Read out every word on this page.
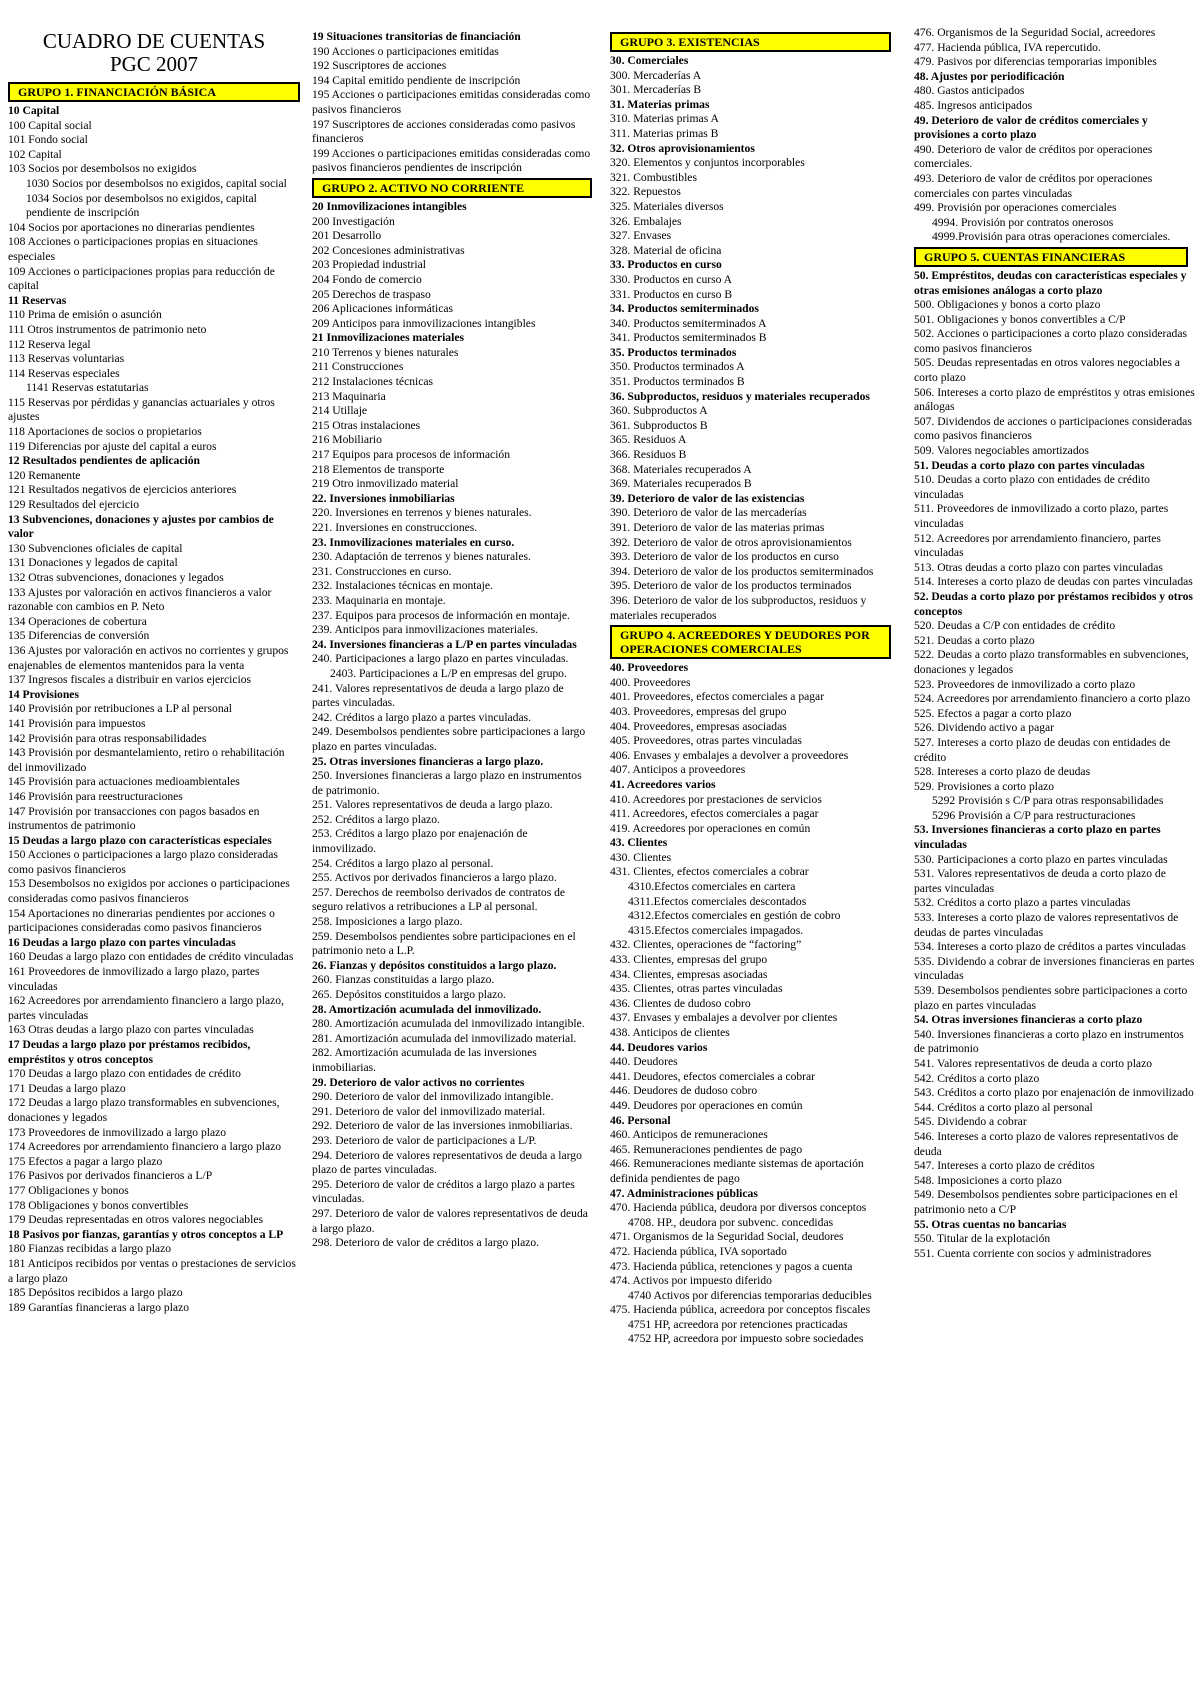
CUADRO DE CUENTAS
PGC 2007
GRUPO 1. FINANCIACIÓN BÁSICA
10 Capital
100 Capital social
101 Fondo social
102 Capital
103 Socios por desembolsos no exigidos
1030 Socios por desembolsos no exigidos, capital social
1034 Socios por desembolsos no exigidos, capital pendiente de inscripción
104 Socios por aportaciones no dinerarias pendientes
108 Acciones o participaciones propias en situaciones especiales
109 Acciones o participaciones propias para reducción de capital
11 Reservas
110 Prima de emisión o asunción
111 Otros instrumentos de patrimonio neto
112 Reserva legal
113 Reservas voluntarias
114 Reservas especiales
1141 Reservas estatutarias
115 Reservas por pérdidas y ganancias actuariales y otros ajustes
118 Aportaciones de socios o propietarios
119 Diferencias por ajuste del capital a euros
12 Resultados pendientes de aplicación
120 Remanente
121 Resultados negativos de ejercicios anteriores
129 Resultados del ejercicio
13 Subvenciones, donaciones y ajustes por cambios de valor
130 Subvenciones oficiales de capital
131 Donaciones y legados de capital
132 Otras subvenciones, donaciones y legados
133 Ajustes por valoración en activos financieros a valor razonable con cambios en P. Neto
134 Operaciones de cobertura
135 Diferencias de conversión
136 Ajustes por valoración en activos no corrientes y grupos enajenables de elementos mantenidos para la venta
137 Ingresos fiscales a distribuir en varios ejercicios
14 Provisiones
140 Provisión por retribuciones a LP al personal
141 Provisión para impuestos
142 Provisión para otras responsabilidades
143 Provisión por desmantelamiento, retiro o rehabilitación del inmovilizado
145 Provisión para actuaciones medioambientales
146 Provisión para reestructuraciones
147 Provisión por transacciones con pagos basados en instrumentos de patrimonio
15 Deudas a largo plazo con características especiales
150 Acciones o participaciones a largo plazo consideradas como pasivos financieros
153 Desembolsos no exigidos por acciones o participaciones consideradas como pasivos financieros
154 Aportaciones no dinerarias pendientes por acciones o participaciones consideradas como pasivos financieros
16 Deudas a largo plazo con partes vinculadas
160 Deudas a largo plazo con entidades de crédito vinculadas
161 Proveedores de inmovilizado a largo plazo, partes vinculadas
162 Acreedores por arrendamiento financiero a largo plazo, partes vinculadas
163 Otras deudas a largo plazo con partes vinculadas
17 Deudas a largo plazo por préstamos recibidos, empréstitos y otros conceptos
170 Deudas a largo plazo con entidades de crédito
171 Deudas a largo plazo
172 Deudas a largo plazo transformables en subvenciones, donaciones y legados
173 Proveedores de inmovilizado a largo plazo
174 Acreedores por arrendamiento financiero a largo plazo
175 Efectos a pagar a largo plazo
176 Pasivos por derivados financieros a L/P
177 Obligaciones y bonos
178 Obligaciones y bonos convertibles
179 Deudas representadas en otros valores negociables
18 Pasivos por fianzas, garantías y otros conceptos a LP
180 Fianzas recibidas a largo plazo
181 Anticipos recibidos por ventas o prestaciones de servicios a largo plazo
185 Depósitos recibidos a largo plazo
189 Garantías financieras a largo plazo
19 Situaciones transitorias de financiación
190 Acciones o participaciones emitidas
192 Suscriptores de acciones
194 Capital emitido pendiente de inscripción
195 Acciones o participaciones emitidas consideradas como pasivos financieros
197 Suscriptores de acciones consideradas como pasivos financieros
199 Acciones o participaciones emitidas consideradas como pasivos financieros pendientes de inscripción
GRUPO 2. ACTIVO NO CORRIENTE
20 Inmovilizaciones intangibles
200 Investigación
201 Desarrollo
202 Concesiones administrativas
203 Propiedad industrial
204 Fondo de comercio
205 Derechos de traspaso
206 Aplicaciones informáticas
209 Anticipos para inmovilizaciones intangibles
21 Inmovilizaciones materiales
210 Terrenos y bienes naturales
211 Construcciones
212 Instalaciones técnicas
213 Maquinaria
214 Utillaje
215 Otras instalaciones
216 Mobiliario
217 Equipos para procesos de información
218 Elementos de transporte
219 Otro inmovilizado material
22. Inversiones inmobiliarias
220. Inversiones en terrenos y bienes naturales.
221. Inversiones en construcciones.
23. Inmovilizaciones materiales en curso.
230. Adaptación de terrenos y bienes naturales.
231. Construcciones en curso.
232. Instalaciones técnicas en montaje.
233. Maquinaria en montaje.
237. Equipos para procesos de información en montaje.
239. Anticipos para inmovilizaciones materiales.
24. Inversiones financieras a L/P en partes vinculadas
240. Participaciones a largo plazo en partes vinculadas.
2403. Participaciones a L/P en empresas del grupo.
241. Valores representativos de deuda a largo plazo de partes vinculadas.
242. Créditos a largo plazo a partes vinculadas.
249. Desembolsos pendientes sobre participaciones a largo plazo en partes vinculadas.
25. Otras inversiones financieras a largo plazo.
250. Inversiones financieras a largo plazo en instrumentos de patrimonio.
251. Valores representativos de deuda a largo plazo.
252. Créditos a largo plazo.
253. Créditos a largo plazo por enajenación de inmovilizado.
254. Créditos a largo plazo al personal.
255. Activos por derivados financieros a largo plazo.
257. Derechos de reembolso derivados de contratos de seguro relativos a retribuciones a LP al personal.
258. Imposiciones a largo plazo.
259. Desembolsos pendientes sobre participaciones en el patrimonio neto a L.P.
26. Fianzas y depósitos constituidos a largo plazo.
260. Fianzas constituidas a largo plazo.
265. Depósitos constituidos a largo plazo.
28. Amortización acumulada del inmovilizado.
280. Amortización acumulada del inmovilizado intangible.
281. Amortización acumulada del inmovilizado material.
282. Amortización acumulada de las inversiones inmobiliarias.
29. Deterioro de valor activos no corrientes
290. Deterioro de valor del inmovilizado intangible.
291. Deterioro de valor del inmovilizado material.
292. Deterioro de valor de las inversiones inmobiliarias.
293. Deterioro de valor de participaciones a L/P.
294. Deterioro de valores representativos de deuda a largo plazo de partes vinculadas.
295. Deterioro de valor de créditos a largo plazo a partes vinculadas.
297. Deterioro de valor de valores representativos de deuda a largo plazo.
298. Deterioro de valor de créditos a largo plazo.
GRUPO 3. EXISTENCIAS
30. Comerciales
300. Mercaderías A
301. Mercaderías B
31. Materias primas
310. Materias primas A
311. Materias primas B
32. Otros aprovisionamientos
320. Elementos y conjuntos incorporables
321. Combustibles
322. Repuestos
325. Materiales diversos
326. Embalajes
327. Envases
328. Material de oficina
33. Productos en curso
330. Productos en curso A
331. Productos en curso B
34. Productos semiterminados
340. Productos semiterminados A
341. Productos semiterminados B
35. Productos terminados
350. Productos terminados A
351. Productos terminados B
36. Subproductos, residuos y materiales recuperados
360. Subproductos A
361. Subproductos B
365. Residuos A
366. Residuos B
368. Materiales recuperados A
369. Materiales recuperados B
39. Deterioro de valor de las existencias
390. Deterioro de valor de las mercaderías
391. Deterioro de valor de las materias primas
392. Deterioro de valor de otros aprovisionamientos
393. Deterioro de valor de los productos en curso
394. Deterioro de valor de los productos semiterminados
395. Deterioro de valor de los productos terminados
396. Deterioro de valor de los subproductos, residuos y materiales recuperados
GRUPO 4. ACREEDORES Y DEUDORES POR OPERACIONES COMERCIALES
40. Proveedores
400. Proveedores
401. Proveedores, efectos comerciales a pagar
403. Proveedores, empresas del grupo
404. Proveedores, empresas asociadas
405. Proveedores, otras partes vinculadas
406. Envases y embalajes a devolver a proveedores
407. Anticipos a proveedores
41. Acreedores varios
410. Acreedores por prestaciones de servicios
411. Acreedores, efectos comerciales a pagar
419. Acreedores por operaciones en común
43. Clientes
430. Clientes
431. Clientes, efectos comerciales a cobrar
4310.Efectos comerciales en cartera
4311.Efectos comerciales descontados
4312.Efectos comerciales en gestión de cobro
4315.Efectos comerciales impagados.
432. Clientes, operaciones de “factoring”
433. Clientes, empresas del grupo
434. Clientes, empresas asociadas
435. Clientes, otras partes vinculadas
436. Clientes de dudoso cobro
437. Envases y embalajes a devolver por clientes
438. Anticipos de clientes
44. Deudores varios
440. Deudores
441. Deudores, efectos comerciales a cobrar
446. Deudores de dudoso cobro
449. Deudores por operaciones en común
46. Personal
460. Anticipos de remuneraciones
465. Remuneraciones pendientes de pago
466. Remuneraciones mediante sistemas de aportación definida pendientes de pago
47. Administraciones públicas
470. Hacienda pública, deudora por diversos conceptos
4708. HP., deudora por subvenc. concedidas
471. Organismos de la Seguridad Social, deudores
472. Hacienda pública, IVA soportado
473. Hacienda pública, retenciones y pagos a cuenta
474. Activos por impuesto diferido
4740 Activos por diferencias temporarias deducibles
475. Hacienda pública, acreedora por conceptos fiscales
4751 HP, acreedora por retenciones practicadas
4752 HP, acreedora por impuesto sobre sociedades
476. Organismos de la Seguridad Social, acreedores
477. Hacienda pública, IVA repercutido.
479. Pasivos por diferencias temporarias imponibles
48. Ajustes por periodificación
480. Gastos anticipados
485. Ingresos anticipados
49. Deterioro de valor de créditos comerciales y provisiones a corto plazo
490. Deterioro de valor de créditos por operaciones comerciales.
493. Deterioro de valor de créditos por operaciones comerciales con partes vinculadas
499. Provisión por operaciones comerciales
4994. Provisión por contratos onerosos
4999.Provisión para otras operaciones comerciales.
GRUPO 5. CUENTAS FINANCIERAS
50. Empréstitos, deudas con características especiales y otras emisiones análogas a corto plazo
500. Obligaciones y bonos a corto plazo
501. Obligaciones y bonos convertibles a C/P
502. Acciones o participaciones a corto plazo consideradas como pasivos financieros
505. Deudas representadas en otros valores negociables a corto plazo
506. Intereses a corto plazo de empréstitos y otras emisiones análogas
507. Dividendos de acciones o participaciones consideradas como pasivos financieros
509. Valores negociables amortizados
51. Deudas a corto plazo con partes vinculadas
510. Deudas a corto plazo con entidades de crédito vinculadas
511. Proveedores de inmovilizado a corto plazo, partes vinculadas
512. Acreedores por arrendamiento financiero, partes vinculadas
513. Otras deudas a corto plazo con partes vinculadas
514. Intereses a corto plazo de deudas con partes vinculadas
52. Deudas a corto plazo por préstamos recibidos y otros conceptos
520. Deudas a C/P con entidades de crédito
521. Deudas a corto plazo
522. Deudas a corto plazo transformables en subvenciones, donaciones y legados
523. Proveedores de inmovilizado a corto plazo
524. Acreedores por arrendamiento financiero a corto plazo
525. Efectos a pagar a corto plazo
526. Dividendo activo a pagar
527. Intereses a corto plazo de deudas con entidades de crédito
528. Intereses a corto plazo de deudas
529. Provisiones a corto plazo
5292 Provisión s C/P para otras responsabilidades
5296 Provisión a C/P para restructuraciones
53. Inversiones financieras a corto plazo en partes vinculadas
530. Participaciones a corto plazo en partes vinculadas
531. Valores representativos de deuda a corto plazo de partes vinculadas
532. Créditos a corto plazo a partes vinculadas
533. Intereses a corto plazo de valores representativos de deudas de partes vinculadas
534. Intereses a corto plazo de créditos a partes vinculadas
535. Dividendo a cobrar de inversiones financieras en partes vinculadas
539. Desembolsos pendientes sobre participaciones a corto plazo en partes vinculadas
54. Otras inversiones financieras a corto plazo
540. Inversiones financieras a corto plazo en instrumentos de patrimonio
541. Valores representativos de deuda a corto plazo
542. Créditos a corto plazo
543. Créditos a corto plazo por enajenación de inmovilizado
544. Créditos a corto plazo al personal
545. Dividendo a cobrar
546. Intereses a corto plazo de valores representativos de deuda
547. Intereses a corto plazo de créditos
548. Imposiciones a corto plazo
549. Desembolsos pendientes sobre participaciones en el patrimonio neto a C/P
55. Otras cuentas no bancarias
550. Titular de la explotación
551. Cuenta corriente con socios y administradores
